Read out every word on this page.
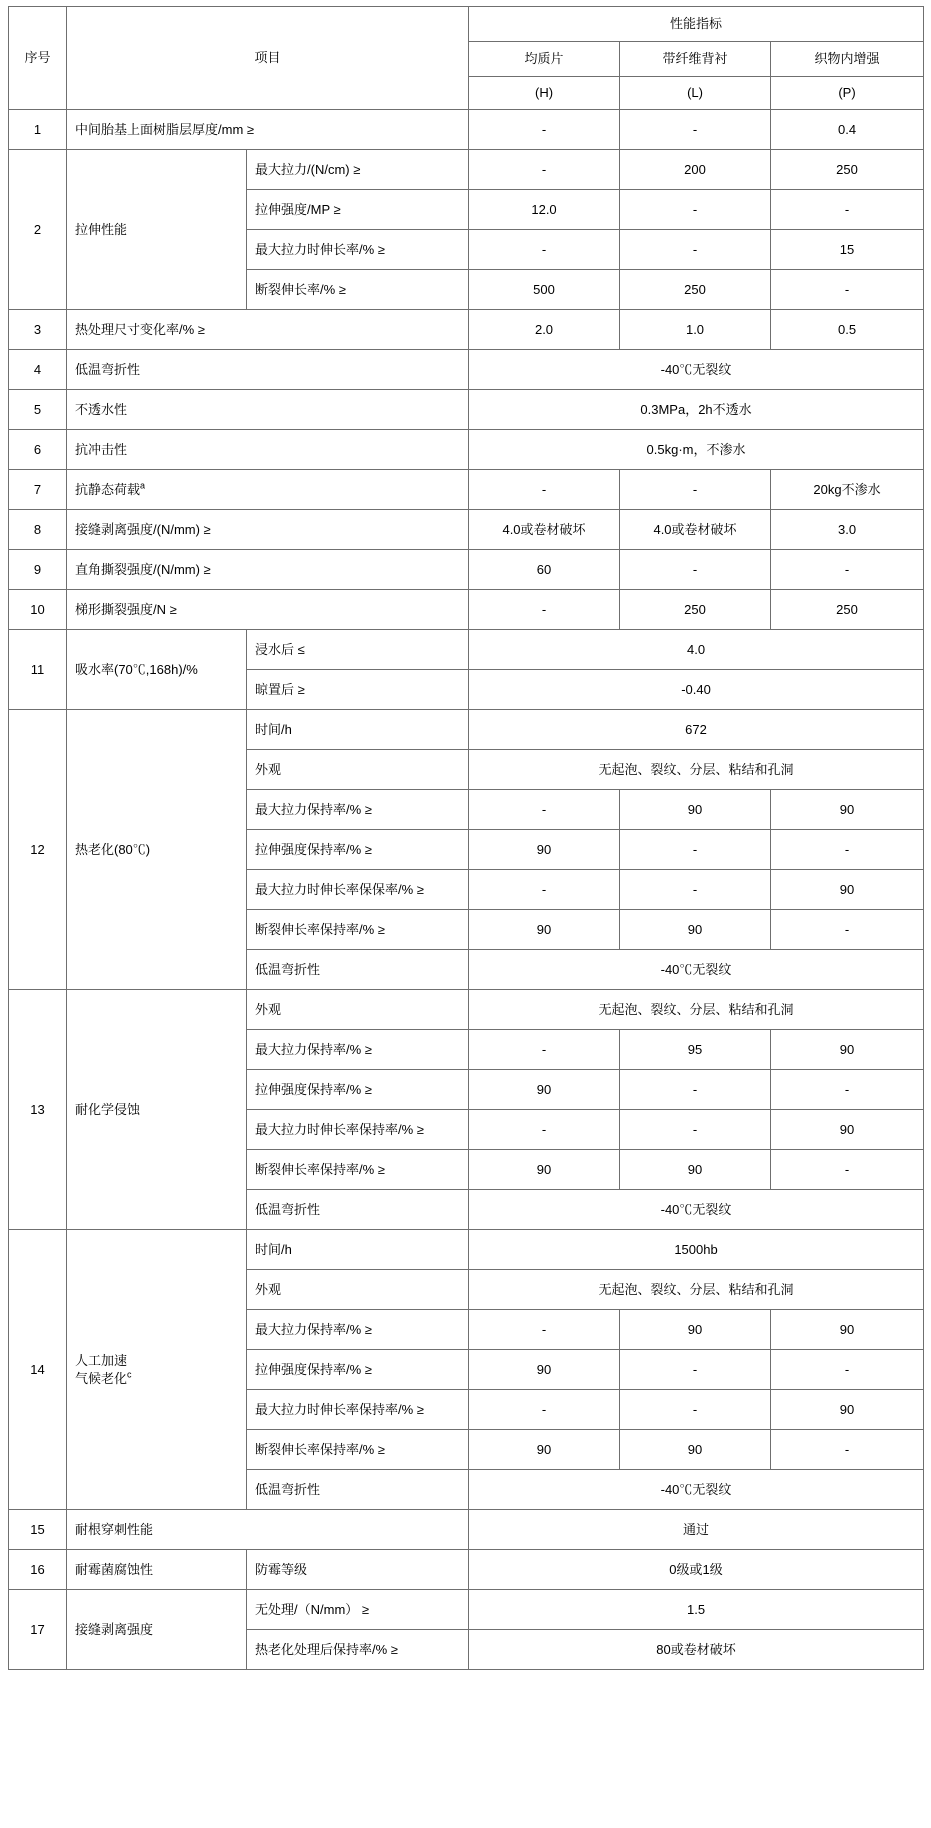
序号	项目		性能指标		
			均质片	带纤维背衬	织物内增强
			(H)	(L)	(P)
1	中间胎基上面树脂层厚度/mm ≥		-	-	0.4
2	拉伸性能	最大拉力/(N/cm) ≥	-	200	250
		拉伸强度/MP ≥	12.0	-	-
		最大拉力时伸长率/% ≥	-	-	15
		断裂伸长率/% ≥	500	250	-
3	热处理尺寸变化率/% ≥		2.0	1.0	0.5
4	低温弯折性		-40℃无裂纹		
5	不透水性		0.3MPa，2h不透水		
6	抗冲击性		0.5kg·m，不渗水		
7	抗静态荷载$^a$		-	-	20kg不渗水
8	接缝剥离强度/(N/mm) ≥		4.0或卷材破坏	4.0或卷材破坏	3.0
9	直角撕裂强度/(N/mm) ≥		60	-	-
10	梯形撕裂强度/N ≥		-	250	250
11	吸水率(70℃,168h)/%	浸水后 ≤	4.0		
		晾置后 ≥	-0.40		
12	热老化(80℃)	时间/h	672		
		外观	无起泡、裂纹、分层、粘结和孔洞		
		最大拉力保持率/% ≥	-	90	90
		拉伸强度保持率/% ≥	90	-	-
		最大拉力时伸长率保保率/% ≥	-	-	90
		断裂伸长率保持率/% ≥	90	90	-
		低温弯折性	-40℃无裂纹		
13	耐化学侵蚀	外观	无起泡、裂纹、分层、粘结和孔洞		
		最大拉力保持率/% ≥	-	95	90
		拉伸强度保持率/% ≥	90	-	-
		最大拉力时伸长率保持率/% ≥	-	-	90
		断裂伸长率保持率/% ≥	90	90	-
		低温弯折性	-40℃无裂纹		
14	人工加速
气候老化$^c$	时间/h	1500hb		
		外观	无起泡、裂纹、分层、粘结和孔洞		
		最大拉力保持率/% ≥	-	90	90
		拉伸强度保持率/% ≥	90	-	-
		最大拉力时伸长率保持率/% ≥	-	-	90
		断裂伸长率保持率/% ≥	90	90	-
		低温弯折性	-40℃无裂纹		
15	耐根穿刺性能		通过		
16	耐霉菌腐蚀性	防霉等级	0级或1级		
17	接缝剥离强度	无处理/（N/mm） ≥	1.5		
		热老化处理后保持率/% ≥	80或卷材破坏		
